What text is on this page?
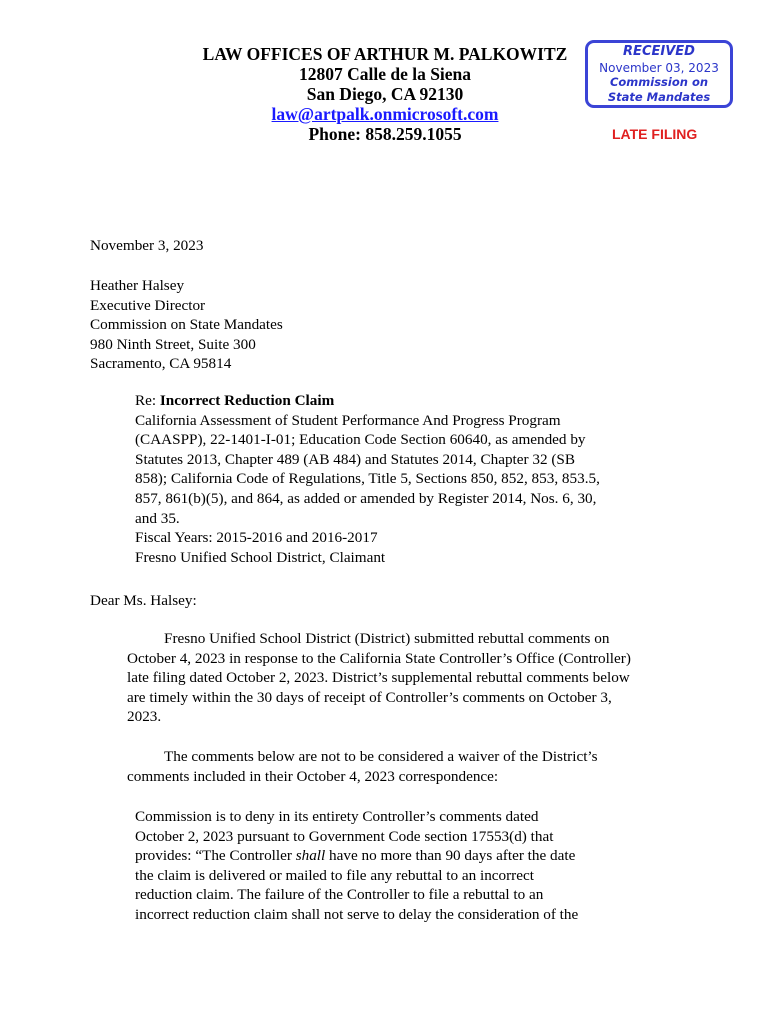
LAW OFFICES OF ARTHUR M. PALKOWITZ
12807 Calle de la Siena
San Diego, CA 92130
law@artpalk.onmicrosoft.com
Phone: 858.259.1055
RECEIVED
November 03, 2023
Commission on
State Mandates
LATE FILING
November 3, 2023
Heather Halsey
Executive Director
Commission on State Mandates
980 Ninth Street, Suite 300
Sacramento, CA 95814
Re: Incorrect Reduction Claim
California Assessment of Student Performance And Progress Program
(CAASPP), 22-1401-I-01; Education Code Section 60640, as amended by
Statutes 2013, Chapter 489 (AB 484) and Statutes 2014, Chapter 32 (SB
858); California Code of Regulations, Title 5, Sections 850, 852, 853, 853.5,
857, 861(b)(5), and 864, as added or amended by Register 2014, Nos. 6, 30,
and 35.
Fiscal Years: 2015-2016 and 2016-2017
Fresno Unified School District, Claimant
Dear Ms. Halsey:
Fresno Unified School District (District) submitted rebuttal comments on
October 4, 2023 in response to the California State Controller’s Office (Controller)
late filing dated October 2, 2023. District’s supplemental rebuttal comments below
are timely within the 30 days of receipt of Controller’s comments on October 3,
2023.
The comments below are not to be considered a waiver of the District’s
comments included in their October 4, 2023 correspondence:
Commission is to deny in its entirety Controller’s comments dated
October 2, 2023 pursuant to Government Code section 17553(d) that
provides: “The Controller shall have no more than 90 days after the date
the claim is delivered or mailed to file any rebuttal to an incorrect
reduction claim. The failure of the Controller to file a rebuttal to an
incorrect reduction claim shall not serve to delay the consideration of the
